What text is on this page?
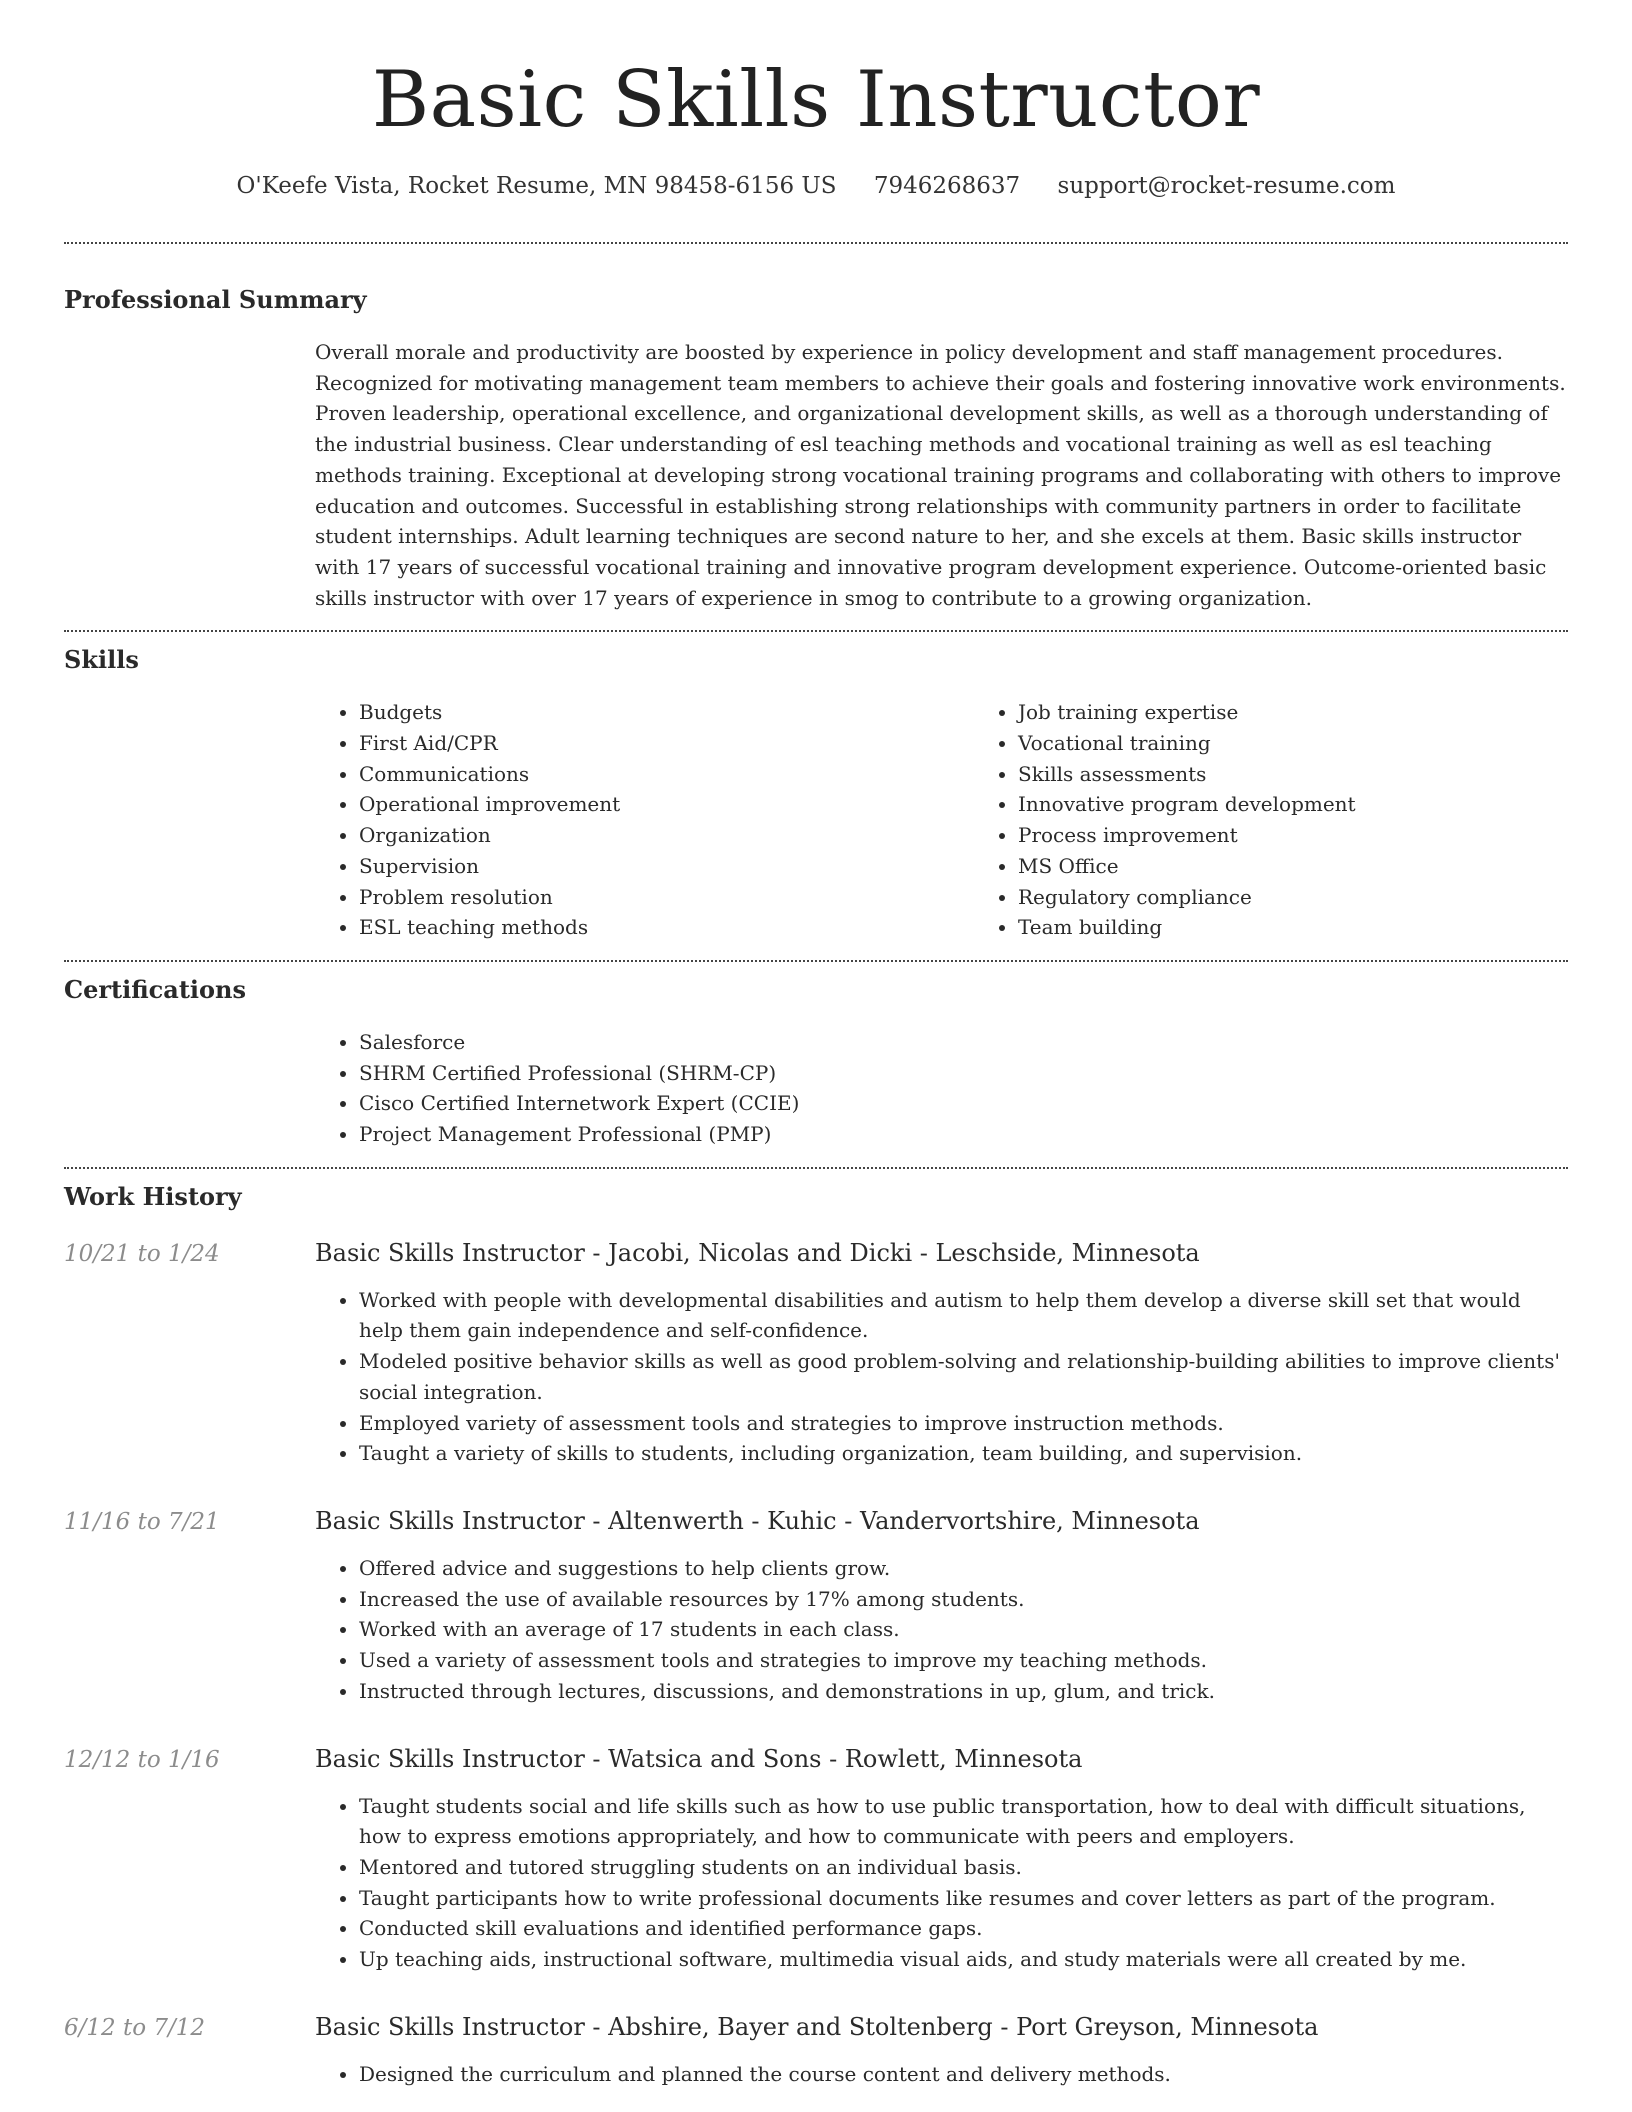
Basic Skills Instructor
O'Keefe Vista, Rocket Resume, MN 98458-6156 US 7946268637 support@rocket-resume.com
Professional Summary

Overall morale and productivity are boosted by experience in policy development and staff management procedures. Recognized for motivating management team members to achieve their goals and fostering innovative work environments. Proven leadership, operational excellence, and organizational development skills, as well as a thorough understanding of the industrial business. Clear understanding of esl teaching methods and vocational training as well as esl teaching methods training. Exceptional at developing strong vocational training programs and collaborating with others to improve education and outcomes. Successful in establishing strong relationships with community partners in order to facilitate student internships. Adult learning techniques are second nature to her, and she excels at them. Basic skills instructor with 17 years of successful vocational training and innovative program development experience. Outcome-oriented basic skills instructor with over 17 years of experience in smog to contribute to a growing organization.

Skills
• Budgets
• First Aid/CPR
• Communications
• Operational improvement
• Organization
• Supervision
• Problem resolution
• ESL teaching methods
• Job training expertise
• Vocational training
• Skills assessments
• Innovative program development
• Process improvement
• MS Office
• Regulatory compliance
• Team building
Certifications
• Salesforce
• SHRM Certified Professional (SHRM-CP)
• Cisco Certified Internetwork Expert (CCIE)
• Project Management Professional (PMP)
Work History
10/21 to 1/24	Basic Skills Instructor - Jacobi, Nicolas and Dicki - Leschside, Minnesota
• Worked with people with developmental disabilities and autism to help them develop a diverse skill set that would help them gain independence and self-confidence.
• Modeled positive behavior skills as well as good problem-solving and relationship-building abilities to improve clients' social integration.
• Employed variety of assessment tools and strategies to improve instruction methods.
• Taught a variety of skills to students, including organization, team building, and supervision.
11/16 to 7/21	Basic Skills Instructor - Altenwerth - Kuhic - Vandervortshire, Minnesota
• Offered advice and suggestions to help clients grow.
• Increased the use of available resources by 17% among students.
• Worked with an average of 17 students in each class.
• Used a variety of assessment tools and strategies to improve my teaching methods.
• Instructed through lectures, discussions, and demonstrations in up, glum, and trick.
12/12 to 1/16	Basic Skills Instructor - Watsica and Sons - Rowlett, Minnesota
• Taught students social and life skills such as how to use public transportation, how to deal with difficult situations, how to express emotions appropriately, and how to communicate with peers and employers.
• Mentored and tutored struggling students on an individual basis.
• Taught participants how to write professional documents like resumes and cover letters as part of the program.
• Conducted skill evaluations and identified performance gaps.
• Up teaching aids, instructional software, multimedia visual aids, and study materials were all created by me.
6/12 to 7/12	Basic Skills Instructor - Abshire, Bayer and Stoltenberg - Port Greyson, Minnesota
• Designed the curriculum and planned the course content and delivery methods.
